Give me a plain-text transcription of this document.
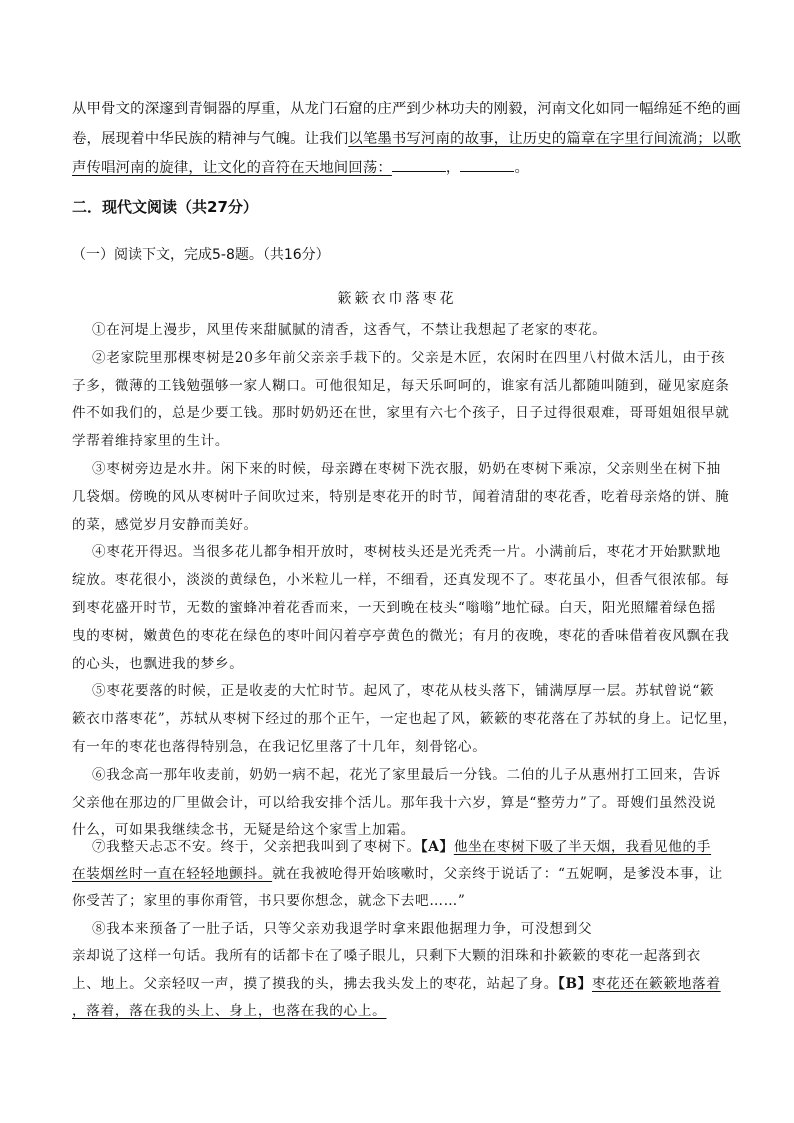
从甲骨文的深邃到青铜器的厚重，从龙门石窟的庄严到少林功夫的刚毅，河南文化如同一幅绵延不绝的画
卷，展现着中华民族的精神与气魄。让我们以笔墨书写河南的故事，让历史的篇章在字里行间流淌；以歌
声传唱河南的旋律，让文化的音符在天地间回荡：	，	。
二．现代文阅读（共27分）
（一）阅读下文，完成5-8题。（共16分）
簌簌衣巾落枣花
①在河堤上漫步，风里传来甜腻腻的清香，这香气，不禁让我想起了老家的枣花。
②老家院里那棵枣树是20多年前父亲亲手栽下的。父亲是木匠，农闲时在四里八村做木活儿，由于孩
子多，微薄的工钱勉强够一家人糊口。可他很知足，每天乐呵呵的，谁家有活儿都随叫随到，碰见家庭条
件不如我们的，总是少要工钱。那时奶奶还在世，家里有六七个孩子，日子过得很艰难，哥哥姐姐很早就
学帮着维持家里的生计。
③枣树旁边是水井。闲下来的时候，母亲蹲在枣树下洗衣服，奶奶在枣树下乘凉，父亲则坐在树下抽
几袋烟。傍晚的风从枣树叶子间吹过来，特别是枣花开的时节，闻着清甜的枣花香，吃着母亲烙的饼、腌
的菜，感觉岁月安静而美好。
④枣花开得迟。当很多花儿都争相开放时，枣树枝头还是光秃秃一片。小满前后，枣花才开始默默地
绽放。枣花很小，淡淡的黄绿色，小米粒儿一样，不细看，还真发现不了。枣花虽小，但香气很浓郁。每
到枣花盛开时节，无数的蜜蜂冲着花香而来，一天到晚在枝头“嗡嗡”地忙碌。白天，阳光照耀着绿色摇
曳的枣树，嫩黄色的枣花在绿色的枣叶间闪着亭亭黄色的微光；有月的夜晚，枣花的香味借着夜风飘在我
的心头，也飘进我的梦乡。
⑤枣花要落的时候，正是收麦的大忙时节。起风了，枣花从枝头落下，铺满厚厚一层。苏轼曾说“簌
簌衣巾落枣花”，苏轼从枣树下经过的那个正午，一定也起了风，簌簌的枣花落在了苏轼的身上。记忆里，
有一年的枣花也落得特别急，在我记忆里落了十几年，刻骨铭心。
⑥我念高一那年收麦前，奶奶一病不起，花光了家里最后一分钱。二伯的儿子从惠州打工回来，告诉
父亲他在那边的厂里做会计，可以给我安排个活儿。那年我十六岁，算是“整劳力”了。哥嫂们虽然没说
什么，可如果我继续念书，无疑是给这个家雪上加霜。
⑦我整天忐忑不安。终于，父亲把我叫到了枣树下。【A】他坐在枣树下吸了半天烟，我看见他的手
在装烟丝时一直在轻轻地颤抖。就在我被呛得开始咳嗽时，父亲终于说话了：“五妮啊，是爹没本事，让
你受苦了；家里的事你甭管，书只要你想念，就念下去吧……”
⑧我本来预备了一肚子话，只等父亲劝我退学时拿来跟他据理力争，可没想到父
亲却说了这样一句话。我所有的话都卡在了嗓子眼儿，只剩下大颗的泪珠和扑簌簌的枣花一起落到衣
上、地上。父亲轻叹一声，摸了摸我的头，拂去我头发上的枣花，站起了身。【B】枣花还在簌簌地落着
，落着，落在我的头上、身上，也落在我的心上。
